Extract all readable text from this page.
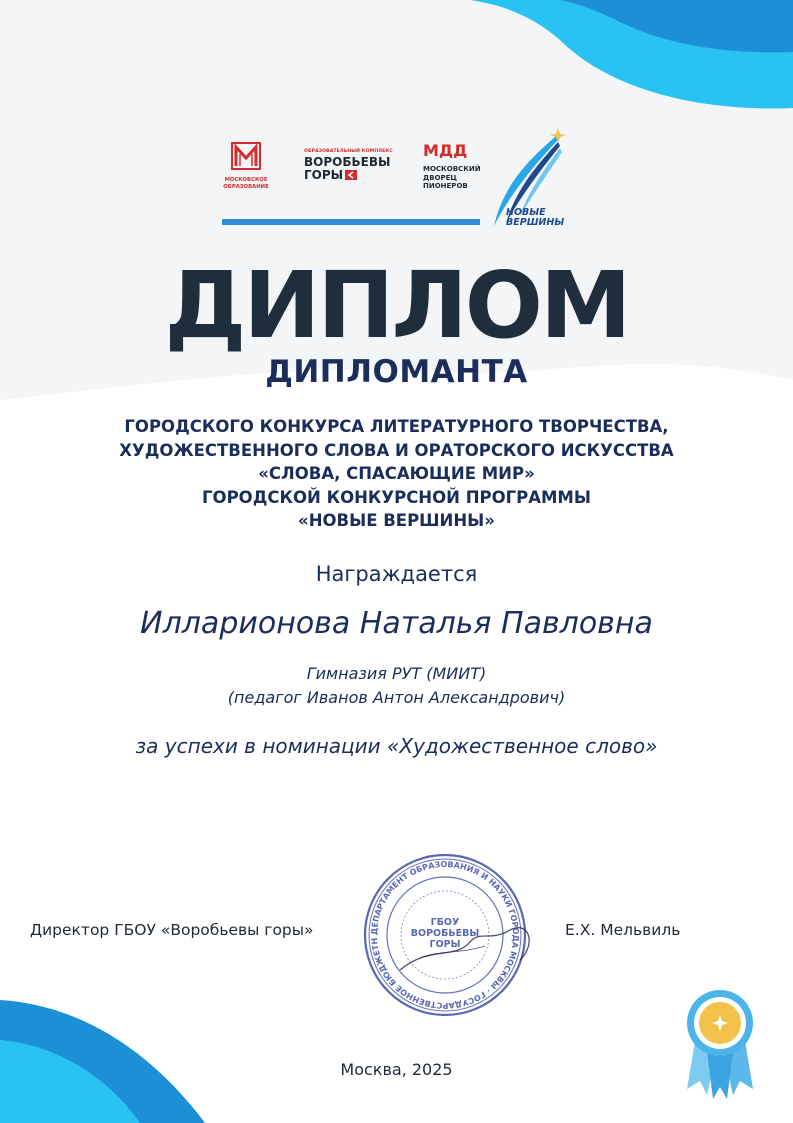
МОСКОВСКОЕ
ОБРАЗОВАНИЕ
ОБРАЗОВАТЕЛЬНЫЙ КОМПЛЕКС
ВОРОБЬЕВЫ
ГОРЫ
МДД
МОСКОВСКИЙ
ДВОРЕЦ
ПИОНЕРОВ
НОВЫЕ
ВЕРШИНЫ
ДИПЛОМ
ДИПЛОМАНТА
ГОРОДСКОГО КОНКУРСА ЛИТЕРАТУРНОГО ТВОРЧЕСТВА,
ХУДОЖЕСТВЕННОГО СЛОВА И ОРАТОРСКОГО ИСКУССТВА
«СЛОВА, СПАСАЮЩИЕ МИР»
ГОРОДСКОЙ КОНКУРСНОЙ ПРОГРАММЫ
«НОВЫЕ ВЕРШИНЫ»
Награждается
Илларионова Наталья Павловна
Гимназия РУТ (МИИТ)
(педагог Иванов Антон Александрович)
за успехи в номинации «Художественное слово»
ДЕПАРТАМЕНТ ОБРАЗОВАНИЯ И НАУКИ ГОРОДА МОСКВЫ · ГОСУДАРСТВЕННОЕ БЮДЖЕТН
ГБОУ
ВОРОБЬЕВЫ
ГОРЫ
Директор ГБОУ «Воробьевы горы»	Е.Х. Мельвиль
Москва, 2025
